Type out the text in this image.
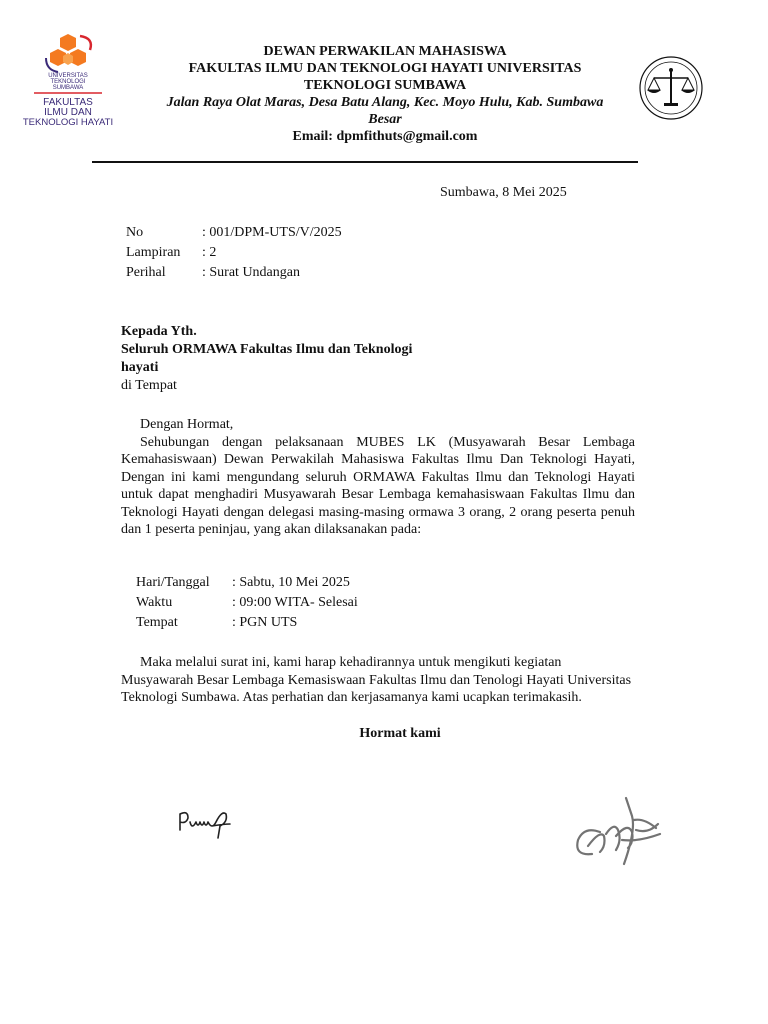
UNIVERSITAS
TEKNOLOGI
SUMBAWA
FAKULTAS
ILMU DAN
TEKNOLOGI HAYATI
DEWAN PERWAKILAN MAHASISWA
FAKULTAS ILMU DAN TEKNOLOGI HAYATI UNIVERSITAS
TEKNOLOGI SUMBAWA
Jalan Raya Olat Maras, Desa Batu Alang, Kec. Moyo Hulu, Kab. Sumbawa
Besar
Email: dpmfithuts@gmail.com
Sumbawa, 8 Mei 2025
No	: 001/DPM-UTS/V/2025
Lampiran : 2
Perihal	: Surat Undangan
Kepada Yth.
Seluruh ORMAWA Fakultas Ilmu dan Teknologi
hayati
di Tempat

Dengan Hormat,

Sehubungan dengan pelaksanaan MUBES LK (Musyawarah Besar Lembaga Kemahasiswaan) Dewan Perwakilah Mahasiswa Fakultas Ilmu Dan Teknologi Hayati, Dengan ini kami mengundang seluruh ORMAWA Fakultas Ilmu dan Teknologi Hayati untuk dapat menghadiri Musyawarah Besar Lembaga kemahasiswaan Fakultas Ilmu dan Teknologi Hayati dengan delegasi masing-masing ormawa 3 orang, 2 orang peserta penuh dan 1 peserta peninjau, yang akan dilaksanakan pada:

Hari/Tanggal : Sabtu, 10 Mei 2025
Waktu	: 09:00 WITA- Selesai
Tempat	: PGN UTS

Maka melalui surat ini, kami harap kehadirannya untuk mengikuti kegiatan Musyawarah Besar Lembaga Kemasiswaan Fakultas Ilmu dan Tenologi Hayati Universitas Teknologi Sumbawa. Atas perhatian dan kerjasamanya kami ucapkan terimakasih.

Hormat kami
